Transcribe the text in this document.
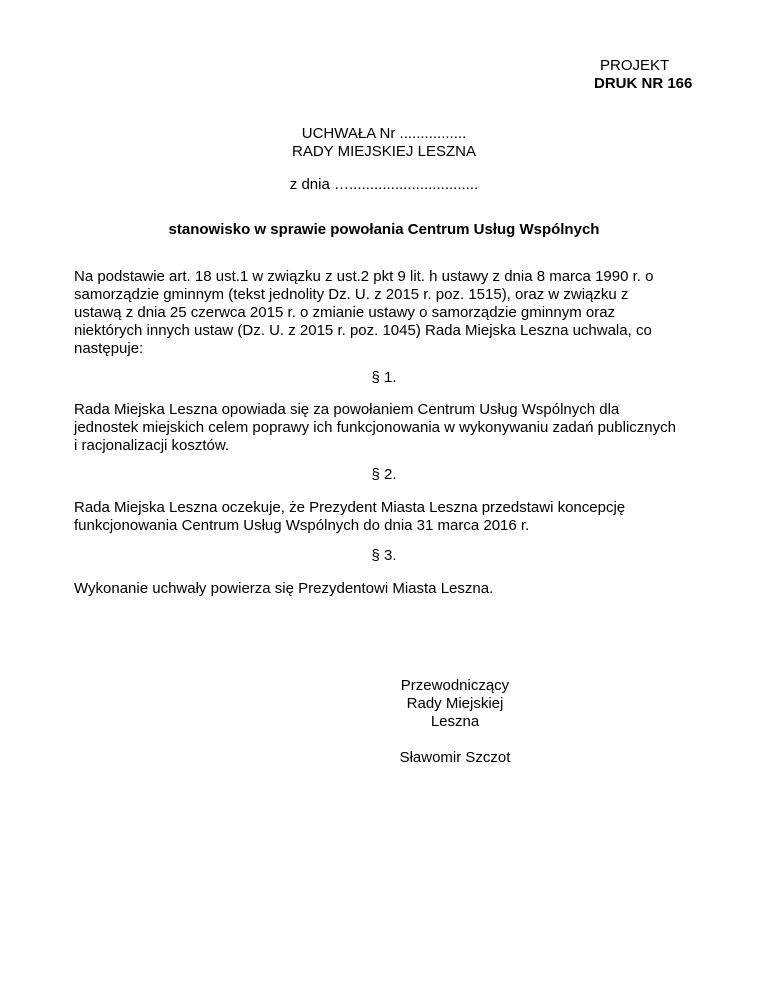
PROJEKT
DRUK NR 166
UCHWAŁA Nr ................
RADY MIEJSKIEJ LESZNA
z dnia …...............................
stanowisko w sprawie powołania Centrum Usług Wspólnych
Na podstawie art. 18 ust.1 w związku z ust.2 pkt 9 lit. h ustawy z dnia 8 marca 1990 r. o
samorządzie gminnym (tekst jednolity Dz. U. z 2015 r. poz. 1515), oraz w związku z
ustawą z dnia 25 czerwca 2015 r. o zmianie ustawy o samorządzie gminnym oraz
niektórych innych ustaw (Dz. U. z 2015 r. poz. 1045) Rada Miejska Leszna uchwala, co
następuje:
§ 1.
Rada Miejska Leszna opowiada się za powołaniem Centrum Usług Wspólnych dla
jednostek miejskich celem poprawy ich funkcjonowania w wykonywaniu zadań publicznych
i racjonalizacji kosztów.
§ 2.
Rada Miejska Leszna oczekuje, że Prezydent Miasta Leszna przedstawi koncepcję
funkcjonowania Centrum Usług Wspólnych do dnia 31 marca 2016 r.
§ 3.
Wykonanie uchwały powierza się Prezydentowi Miasta Leszna.
Przewodniczący
Rady Miejskiej
Leszna
Sławomir Szczot
